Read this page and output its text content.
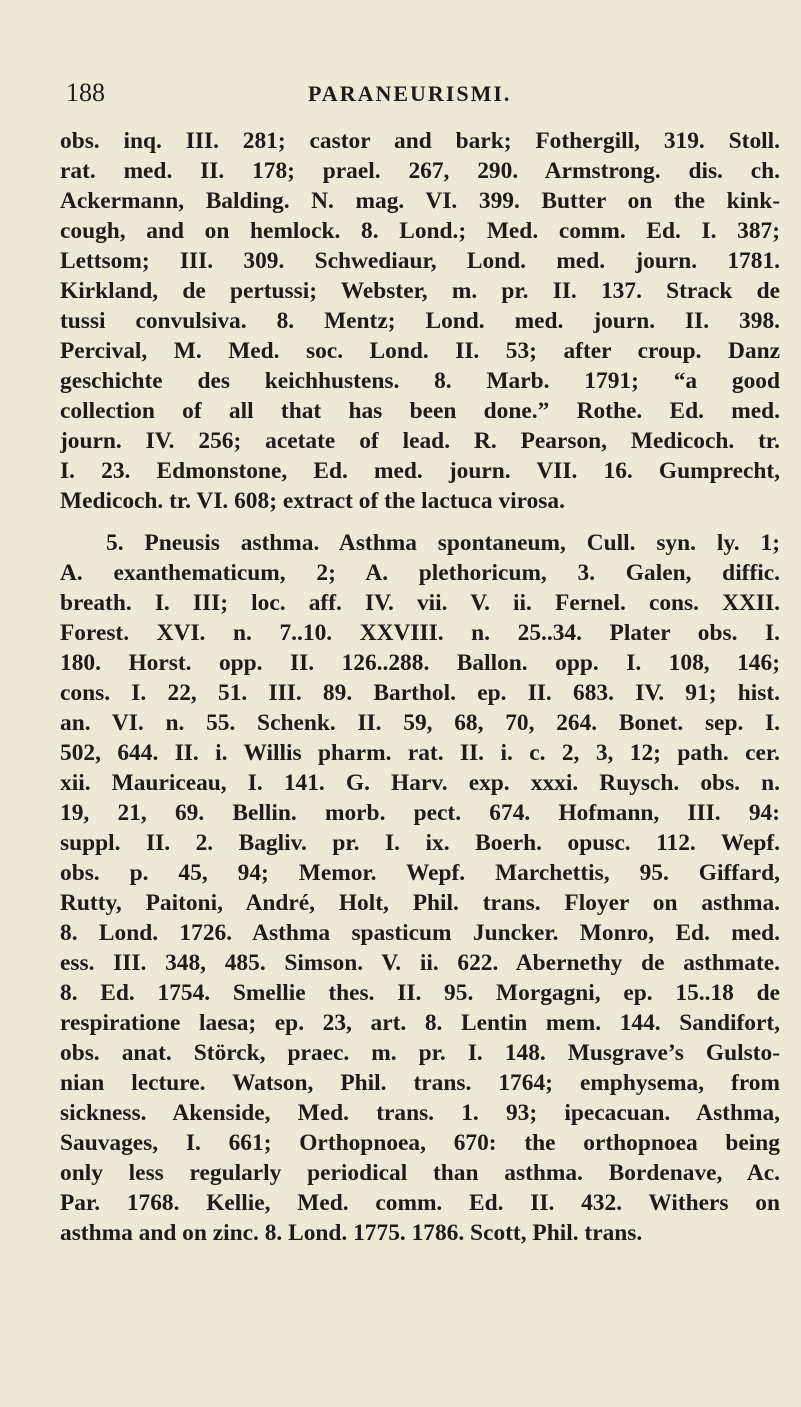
188	PARANEURISMI.
obs. inq. III. 281; castor and bark; Fothergill, 319. Stoll.
rat. med. II. 178; prael. 267, 290. Armstrong. dis. ch.
Ackermann, Balding. N. mag. VI. 399. Butter on the kink-
cough, and on hemlock. 8. Lond.; Med. comm. Ed. I. 387;
Lettsom; III. 309. Schwediaur, Lond. med. journ. 1781.
Kirkland, de pertussi; Webster, m. pr. II. 137. Strack de
tussi convulsiva. 8. Mentz; Lond. med. journ. II. 398.
Percival, M. Med. soc. Lond. II. 53; after croup. Danz
geschichte des keichhustens. 8. Marb. 1791; “a good
collection of all that has been done.” Rothe. Ed. med.
journ. IV. 256; acetate of lead. R. Pearson, Medicoch. tr.
I. 23. Edmonstone, Ed. med. journ. VII. 16. Gumprecht,
Medicoch. tr. VI. 608; extract of the lactuca virosa.
5. Pneusis asthma. Asthma spontaneum, Cull. syn. ly. 1;
A. exanthematicum, 2; A. plethoricum, 3. Galen, diffic.
breath. I. III; loc. aff. IV. vii. V. ii. Fernel. cons. XXII.
Forest. XVI. n. 7..10. XXVIII. n. 25..34. Plater obs. I.
180. Horst. opp. II. 126..288. Ballon. opp. I. 108, 146;
cons. I. 22, 51. III. 89. Barthol. ep. II. 683. IV. 91; hist.
an. VI. n. 55. Schenk. II. 59, 68, 70, 264. Bonet. sep. I.
502, 644. II. i. Willis pharm. rat. II. i. c. 2, 3, 12; path. cer.
xii. Mauriceau, I. 141. G. Harv. exp. xxxi. Ruysch. obs. n.
19, 21, 69. Bellin. morb. pect. 674. Hofmann, III. 94:
suppl. II. 2. Bagliv. pr. I. ix. Boerh. opusc. 112. Wepf.
obs. p. 45, 94; Memor. Wepf. Marchettis, 95. Giffard,
Rutty, Paitoni, André, Holt, Phil. trans. Floyer on asthma.
8. Lond. 1726. Asthma spasticum Juncker. Monro, Ed. med.
ess. III. 348, 485. Simson. V. ii. 622. Abernethy de asthmate.
8. Ed. 1754. Smellie thes. II. 95. Morgagni, ep. 15..18 de
respiratione laesa; ep. 23, art. 8. Lentin mem. 144. Sandifort,
obs. anat. Störck, praec. m. pr. I. 148. Musgrave’s Gulsto-
nian lecture. Watson, Phil. trans. 1764; emphysema, from
sickness. Akenside, Med. trans. 1. 93; ipecacuan. Asthma,
Sauvages, I. 661; Orthopnoea, 670: the orthopnoea being
only less regularly periodical than asthma. Bordenave, Ac.
Par. 1768. Kellie, Med. comm. Ed. II. 432. Withers on
asthma and on zinc. 8. Lond. 1775. 1786. Scott, Phil. trans.
